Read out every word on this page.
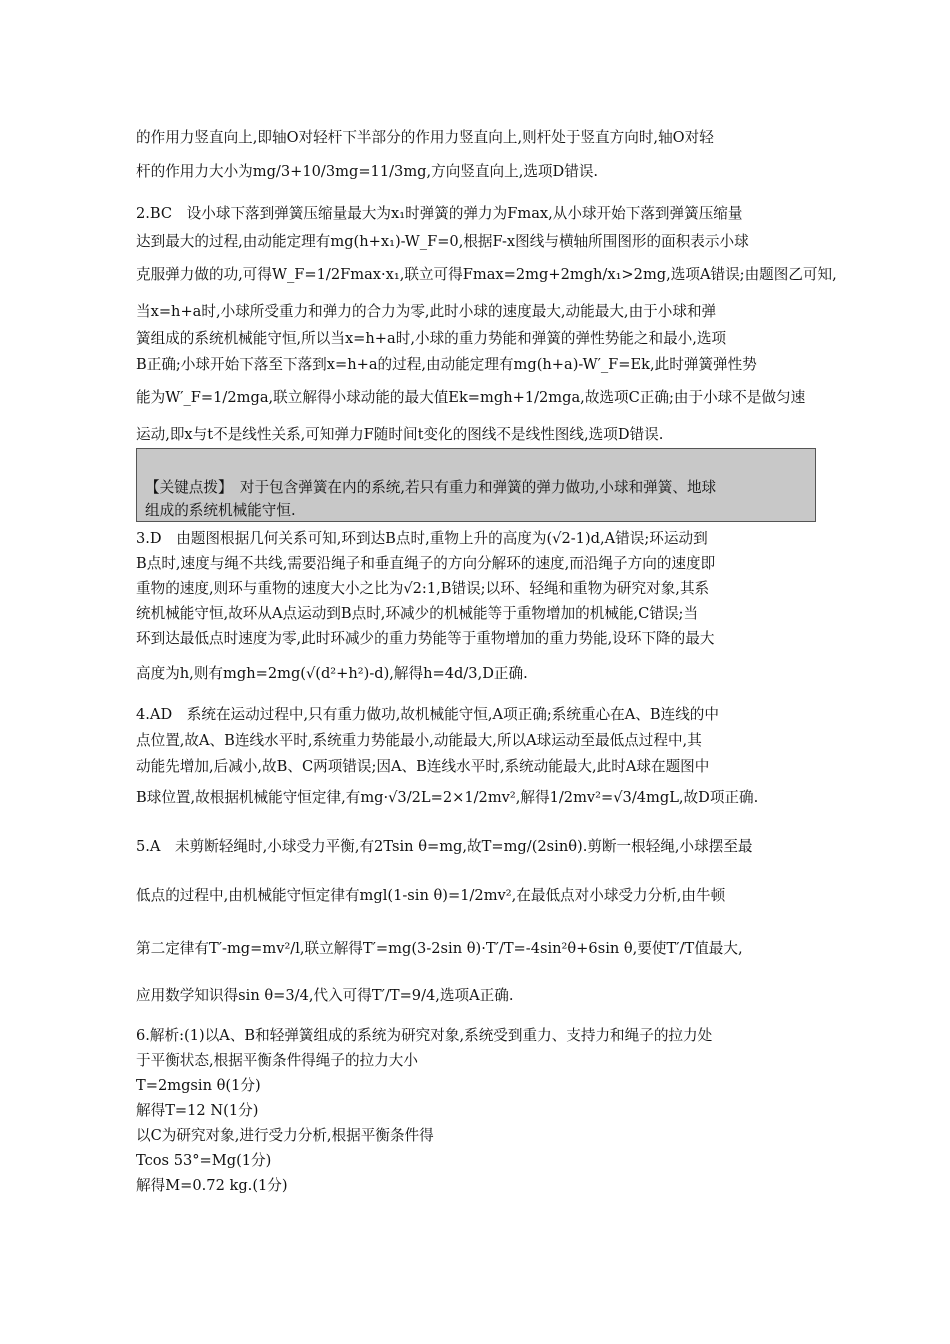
的作用力竖直向上,即轴O对轻杆下半部分的作用力竖直向上,则杆处于竖直方向时,轴O对轻
杆的作用力大小为mg/3+10/3mg=11/3mg,方向竖直向上,选项D错误.
2.BC　设小球下落到弹簧压缩量最大为x₁时弹簧的弹力为Fmax,从小球开始下落到弹簧压缩量
达到最大的过程,由动能定理有mg(h+x₁)-W_F=0,根据F-x图线与横轴所围图形的面积表示小球
克服弹力做的功,可得W_F=1/2Fmax·x₁,联立可得Fmax=2mg+2mgh/x₁>2mg,选项A错误;由题图乙可知,
当x=h+a时,小球所受重力和弹力的合力为零,此时小球的速度最大,动能最大,由于小球和弹
簧组成的系统机械能守恒,所以当x=h+a时,小球的重力势能和弹簧的弹性势能之和最小,选项
B正确;小球开始下落至下落到x=h+a的过程,由动能定理有mg(h+a)-W′_F=Ek,此时弹簧弹性势
能为W′_F=1/2mga,联立解得小球动能的最大值Ek=mgh+1/2mga,故选项C正确;由于小球不是做匀速
运动,即x与t不是线性关系,可知弹力F随时间t变化的图线不是线性图线,选项D错误.
【关键点拨】　对于包含弹簧在内的系统,若只有重力和弹簧的弹力做功,小球和弹簧、地球
组成的系统机械能守恒.
3.D　由题图根据几何关系可知,环到达B点时,重物上升的高度为(√2-1)d,A错误;环运动到
B点时,速度与绳不共线,需要沿绳子和垂直绳子的方向分解环的速度,而沿绳子方向的速度即
重物的速度,则环与重物的速度大小之比为√2:1,B错误;以环、轻绳和重物为研究对象,其系
统机械能守恒,故环从A点运动到B点时,环减少的机械能等于重物增加的机械能,C错误;当
环到达最低点时速度为零,此时环减少的重力势能等于重物增加的重力势能,设环下降的最大
高度为h,则有mgh=2mg(√(d²+h²)-d),解得h=4d/3,D正确.
4.AD　系统在运动过程中,只有重力做功,故机械能守恒,A项正确;系统重心在A、B连线的中
点位置,故A、B连线水平时,系统重力势能最小,动能最大,所以A球运动至最低点过程中,其
动能先增加,后减小,故B、C两项错误;因A、B连线水平时,系统动能最大,此时A球在题图中
B球位置,故根据机械能守恒定律,有mg·√3/2L=2×1/2mv²,解得1/2mv²=√3/4mgL,故D项正确.
5.A　未剪断轻绳时,小球受力平衡,有2Tsin θ=mg,故T=mg/(2sinθ).剪断一根轻绳,小球摆至最
低点的过程中,由机械能守恒定律有mgl(1-sin θ)=1/2mv²,在最低点对小球受力分析,由牛顿
第二定律有T′-mg=mv²/l,联立解得T′=mg(3-2sin θ)·T′/T=-4sin²θ+6sin θ,要使T′/T值最大,
应用数学知识得sin θ=3/4,代入可得T′/T=9/4,选项A正确.
6.解析:(1)以A、B和轻弹簧组成的系统为研究对象,系统受到重力、支持力和绳子的拉力处
于平衡状态,根据平衡条件得绳子的拉力大小
T=2mgsin θ(1分)
解得T=12 N(1分)
以C为研究对象,进行受力分析,根据平衡条件得
Tcos 53°=Mg(1分)
解得M=0.72 kg.(1分)
